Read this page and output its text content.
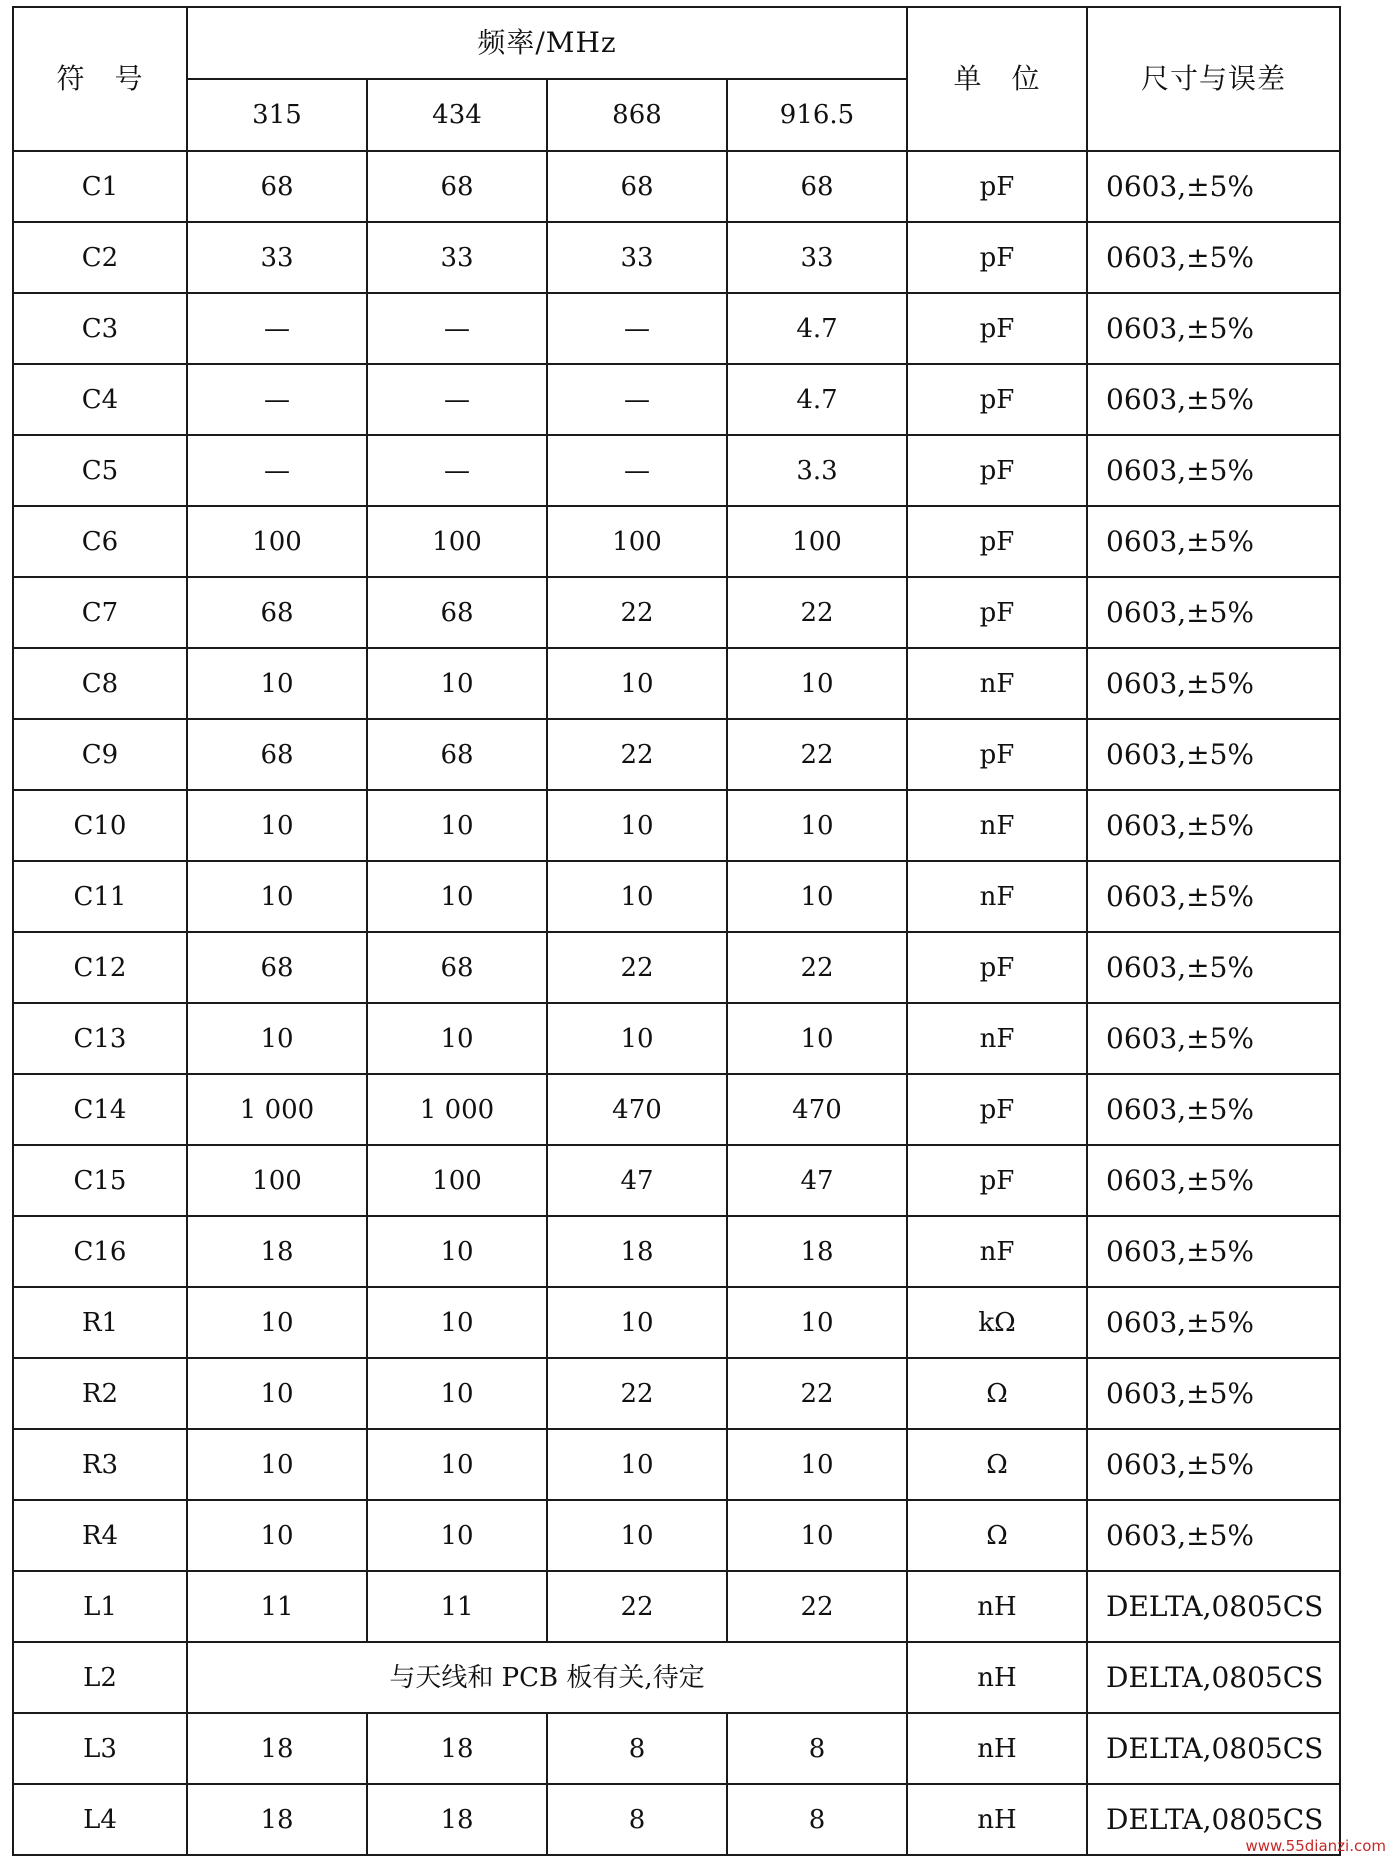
符　号	频率/MHz				单　位	尺寸与误差
	315	434	868	916.5		
C1	68	68	68	68	pF	0603,±5%
C2	33	33	33	33	pF	0603,±5%
C3	—	—	—	4.7	pF	0603,±5%
C4	—	—	—	4.7	pF	0603,±5%
C5	—	—	—	3.3	pF	0603,±5%
C6	100	100	100	100	pF	0603,±5%
C7	68	68	22	22	pF	0603,±5%
C8	10	10	10	10	nF	0603,±5%
C9	68	68	22	22	pF	0603,±5%
C10	10	10	10	10	nF	0603,±5%
C11	10	10	10	10	nF	0603,±5%
C12	68	68	22	22	pF	0603,±5%
C13	10	10	10	10	nF	0603,±5%
C14	1 000	1 000	470	470	pF	0603,±5%
C15	100	100	47	47	pF	0603,±5%
C16	18	10	18	18	nF	0603,±5%
R1	10	10	10	10	kΩ	0603,±5%
R2	10	10	22	22	Ω	0603,±5%
R3	10	10	10	10	Ω	0603,±5%
R4	10	10	10	10	Ω	0603,±5%
L1	11	11	22	22	nH	DELTA,0805CS
L2	与天线和 PCB 板有关,待定				nH	DELTA,0805CS
L3	18	18	8	8	nH	DELTA,0805CS
L4	18	18	8	8	nH	DELTA,0805CS
www.55dianzi.com
